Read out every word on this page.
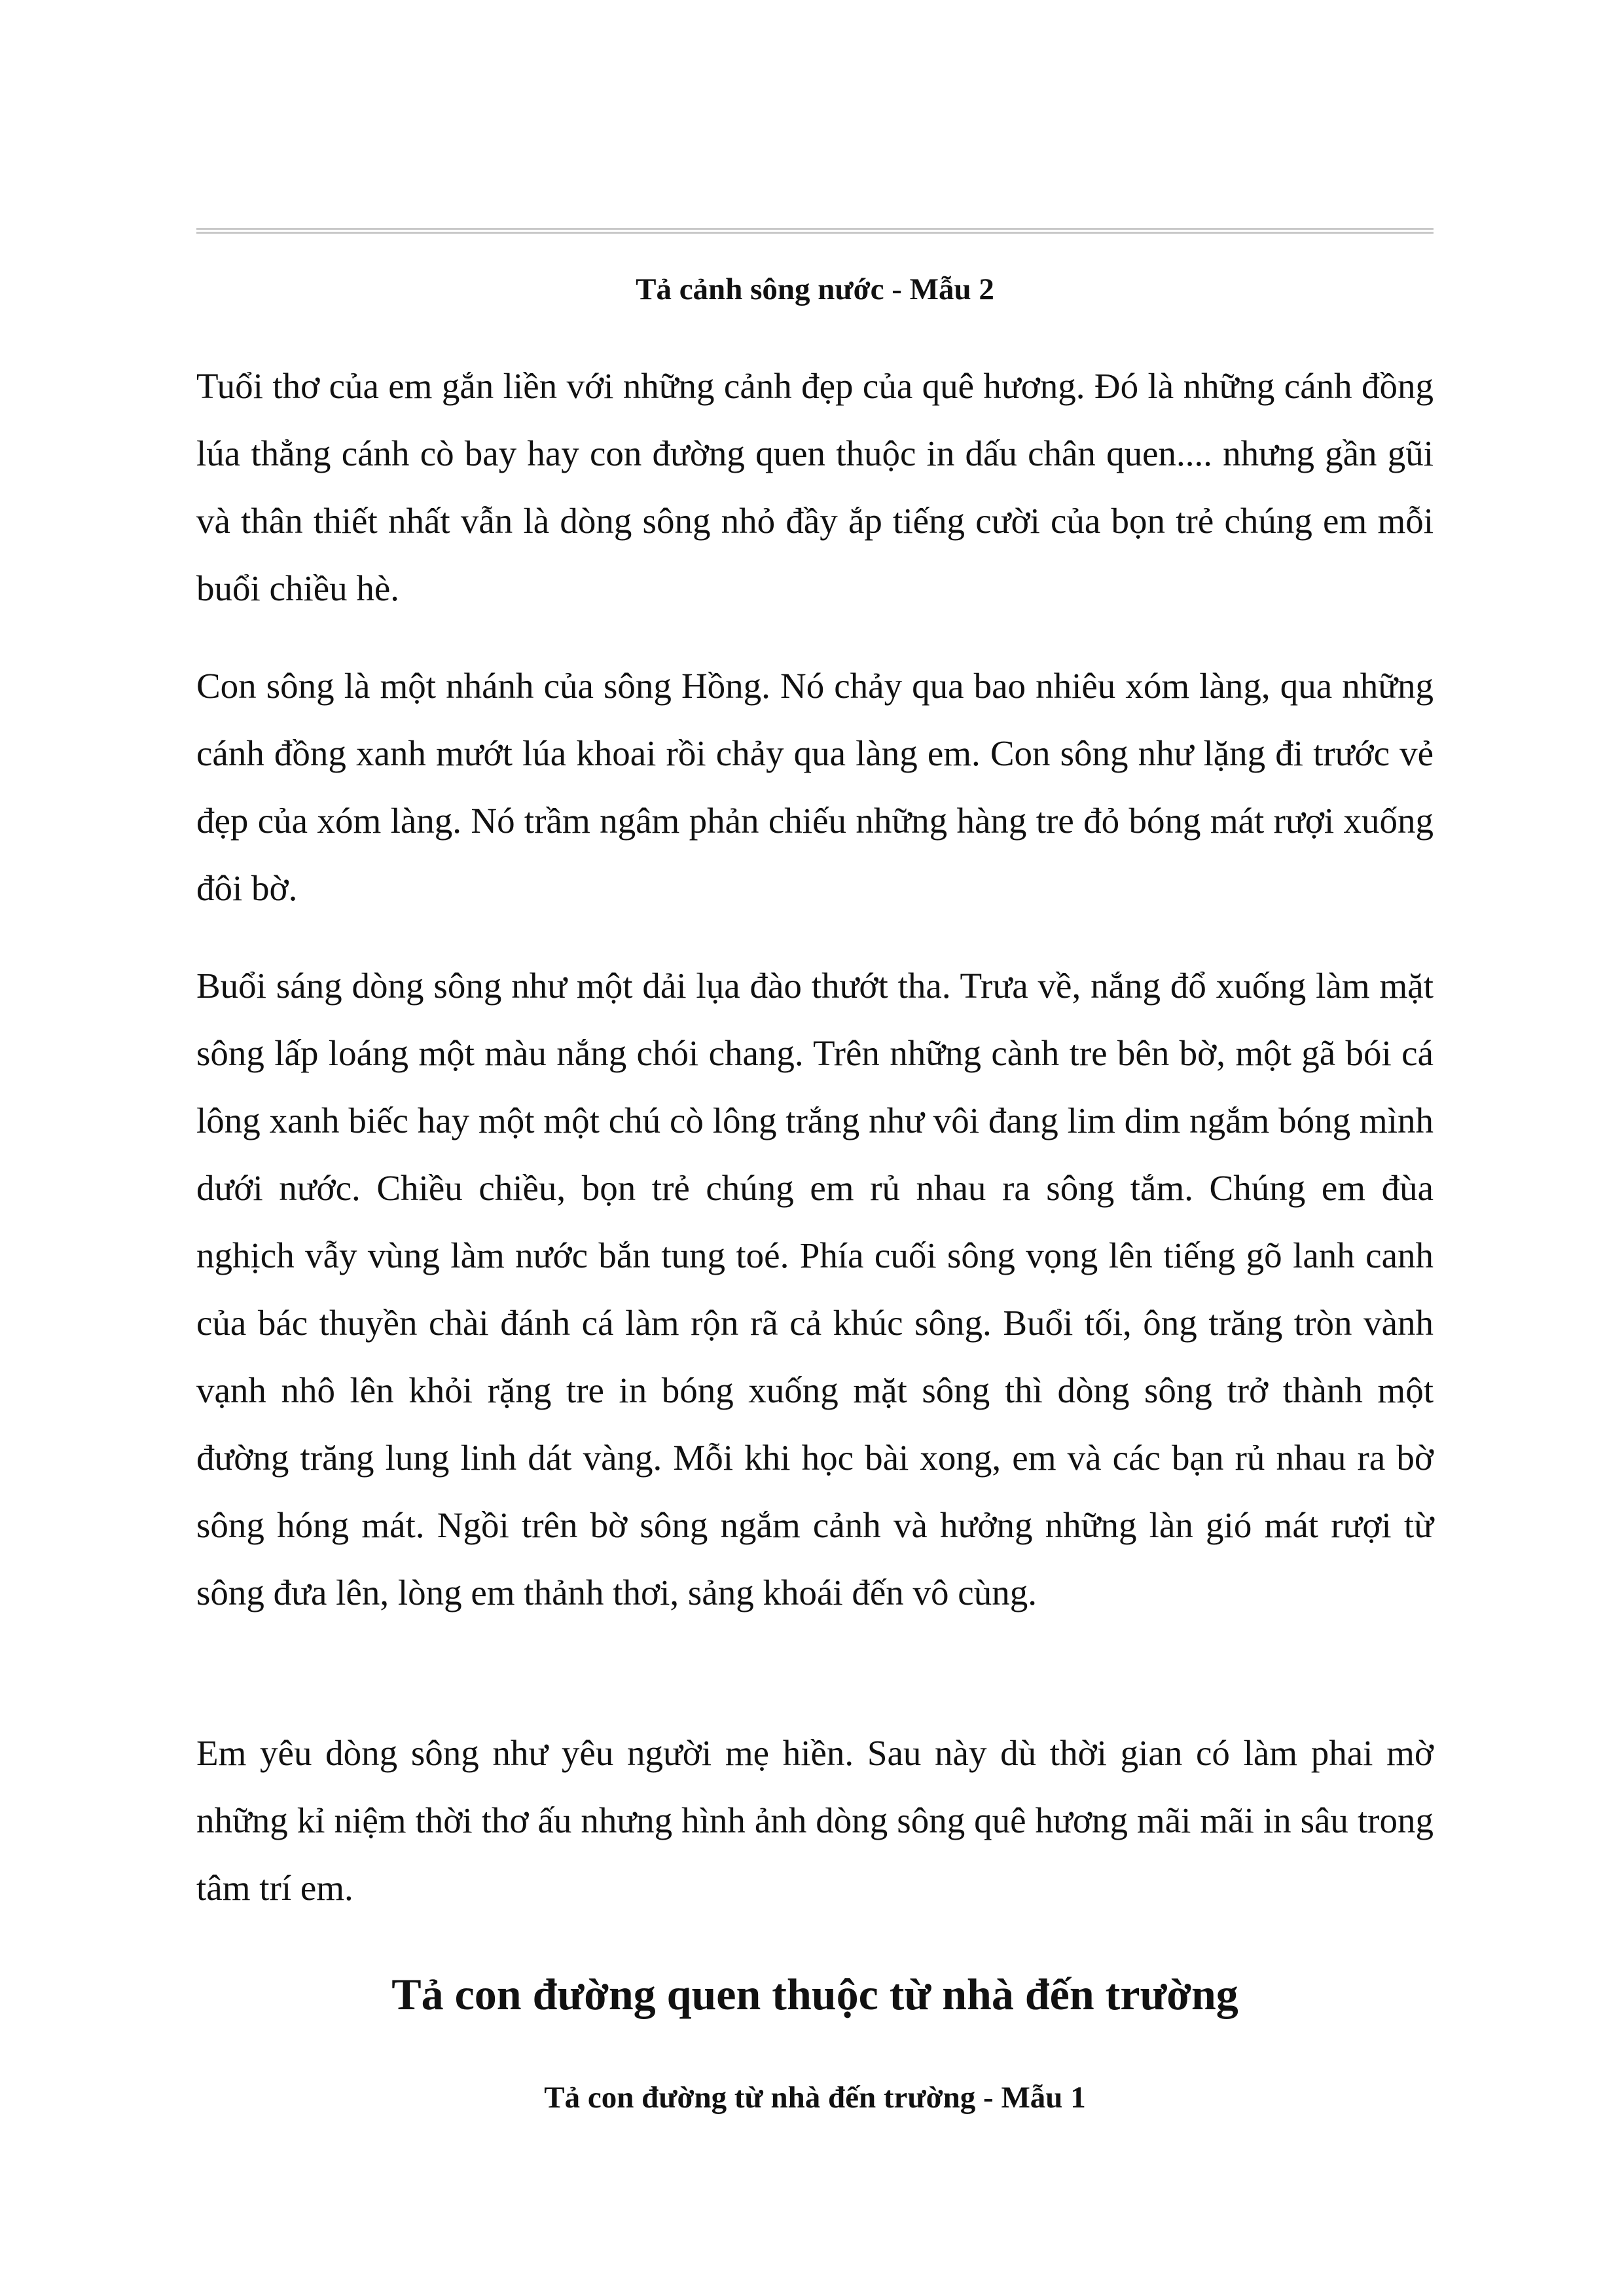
Tả cảnh sông nước - Mẫu 2

Tuổi thơ của em gắn liền với những cảnh đẹp của quê hương. Đó là những cánh đồng lúa thẳng cánh cò bay hay con đường quen thuộc in dấu chân quen.... nhưng gần gũi và thân thiết nhất vẫn là dòng sông nhỏ đầy ắp tiếng cười của bọn trẻ chúng em mỗi buổi chiều hè.

Con sông là một nhánh của sông Hồng. Nó chảy qua bao nhiêu xóm làng, qua những cánh đồng xanh mướt lúa khoai rồi chảy qua làng em. Con sông như lặng đi trước vẻ đẹp của xóm làng. Nó trầm ngâm phản chiếu những hàng tre đỏ bóng mát rượi xuống đôi bờ.

Buổi sáng dòng sông như một dải lụa đào thướt tha. Trưa về, nắng đổ xuống làm mặt sông lấp loáng một màu nắng chói chang. Trên những cành tre bên bờ, một gã bói cá lông xanh biếc hay một một chú cò lông trắng như vôi đang lim dim ngắm bóng mình dưới nước. Chiều chiều, bọn trẻ chúng em rủ nhau ra sông tắm. Chúng em đùa nghịch vẫy vùng làm nước bắn tung toé. Phía cuối sông vọng lên tiếng gõ lanh canh của bác thuyền chài đánh cá làm rộn rã cả khúc sông. Buổi tối, ông trăng tròn vành vạnh nhô lên khỏi rặng tre in bóng xuống mặt sông thì dòng sông trở thành một đường trăng lung linh dát vàng. Mỗi khi học bài xong, em và các bạn rủ nhau ra bờ sông hóng mát. Ngồi trên bờ sông ngắm cảnh và hưởng những làn gió mát rượi từ sông đưa lên, lòng em thảnh thơi, sảng khoái đến vô cùng.

Em yêu dòng sông như yêu người mẹ hiền. Sau này dù thời gian có làm phai mờ những kỉ niệm thời thơ ấu nhưng hình ảnh dòng sông quê hương mãi mãi in sâu trong tâm trí em.

Tả con đường quen thuộc từ nhà đến trường
Tả con đường từ nhà đến trường - Mẫu 1
